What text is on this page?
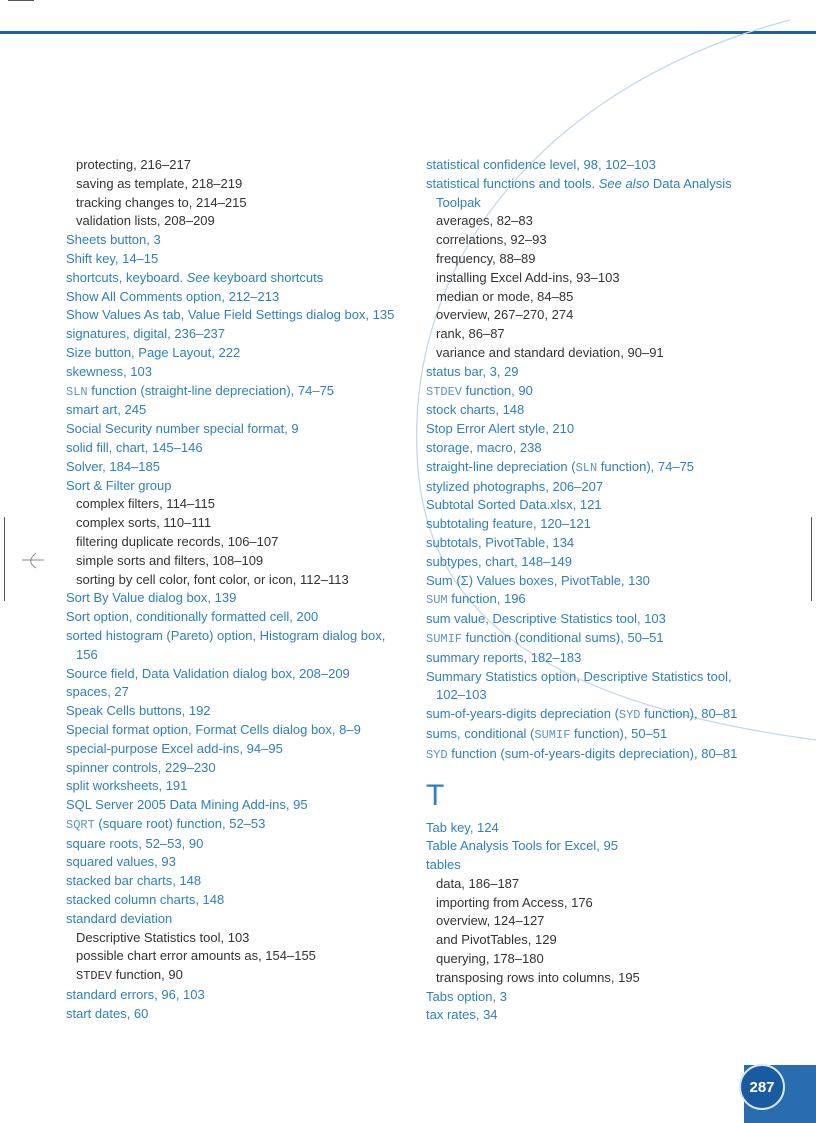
protecting, 216–217
saving as template, 218–219
tracking changes to, 214–215
validation lists, 208–209
Sheets button, 3
Shift key, 14–15
shortcuts, keyboard. See keyboard shortcuts
Show All Comments option, 212–213
Show Values As tab, Value Field Settings dialog box, 135
signatures, digital, 236–237
Size button, Page Layout, 222
skewness, 103
SLN function (straight-line depreciation), 74–75
smart art, 245
Social Security number special format, 9
solid fill, chart, 145–146
Solver, 184–185
Sort & Filter group
complex filters, 114–115
complex sorts, 110–111
filtering duplicate records, 106–107
simple sorts and filters, 108–109
sorting by cell color, font color, or icon, 112–113
Sort By Value dialog box, 139
Sort option, conditionally formatted cell, 200
sorted histogram (Pareto) option, Histogram dialog box, 156
Source field, Data Validation dialog box, 208–209
spaces, 27
Speak Cells buttons, 192
Special format option, Format Cells dialog box, 8–9
special-purpose Excel add-ins, 94–95
spinner controls, 229–230
split worksheets, 191
SQL Server 2005 Data Mining Add-ins, 95
SQRT (square root) function, 52–53
square roots, 52–53, 90
squared values, 93
stacked bar charts, 148
stacked column charts, 148
standard deviation
Descriptive Statistics tool, 103
possible chart error amounts as, 154–155
STDEV function, 90
standard errors, 96, 103
start dates, 60
statistical confidence level, 98, 102–103
statistical functions and tools. See also Data Analysis Toolpak
averages, 82–83
correlations, 92–93
frequency, 88–89
installing Excel Add-ins, 93–103
median or mode, 84–85
overview, 267–270, 274
rank, 86–87
variance and standard deviation, 90–91
status bar, 3, 29
STDEV function, 90
stock charts, 148
Stop Error Alert style, 210
storage, macro, 238
straight-line depreciation (SLN function), 74–75
stylized photographs, 206–207
Subtotal Sorted Data.xlsx, 121
subtotaling feature, 120–121
subtotals, PivotTable, 134
subtypes, chart, 148–149
Sum (Σ) Values boxes, PivotTable, 130
SUM function, 196
sum value, Descriptive Statistics tool, 103
SUMIF function (conditional sums), 50–51
summary reports, 182–183
Summary Statistics option, Descriptive Statistics tool, 102–103
sum-of-years-digits depreciation (SYD function), 80–81
sums, conditional (SUMIF function), 50–51
SYD function (sum-of-years-digits depreciation), 80–81
T
Tab key, 124
Table Analysis Tools for Excel, 95
tables
data, 186–187
importing from Access, 176
overview, 124–127
and PivotTables, 129
querying, 178–180
transposing rows into columns, 195
Tabs option, 3
tax rates, 34
287
